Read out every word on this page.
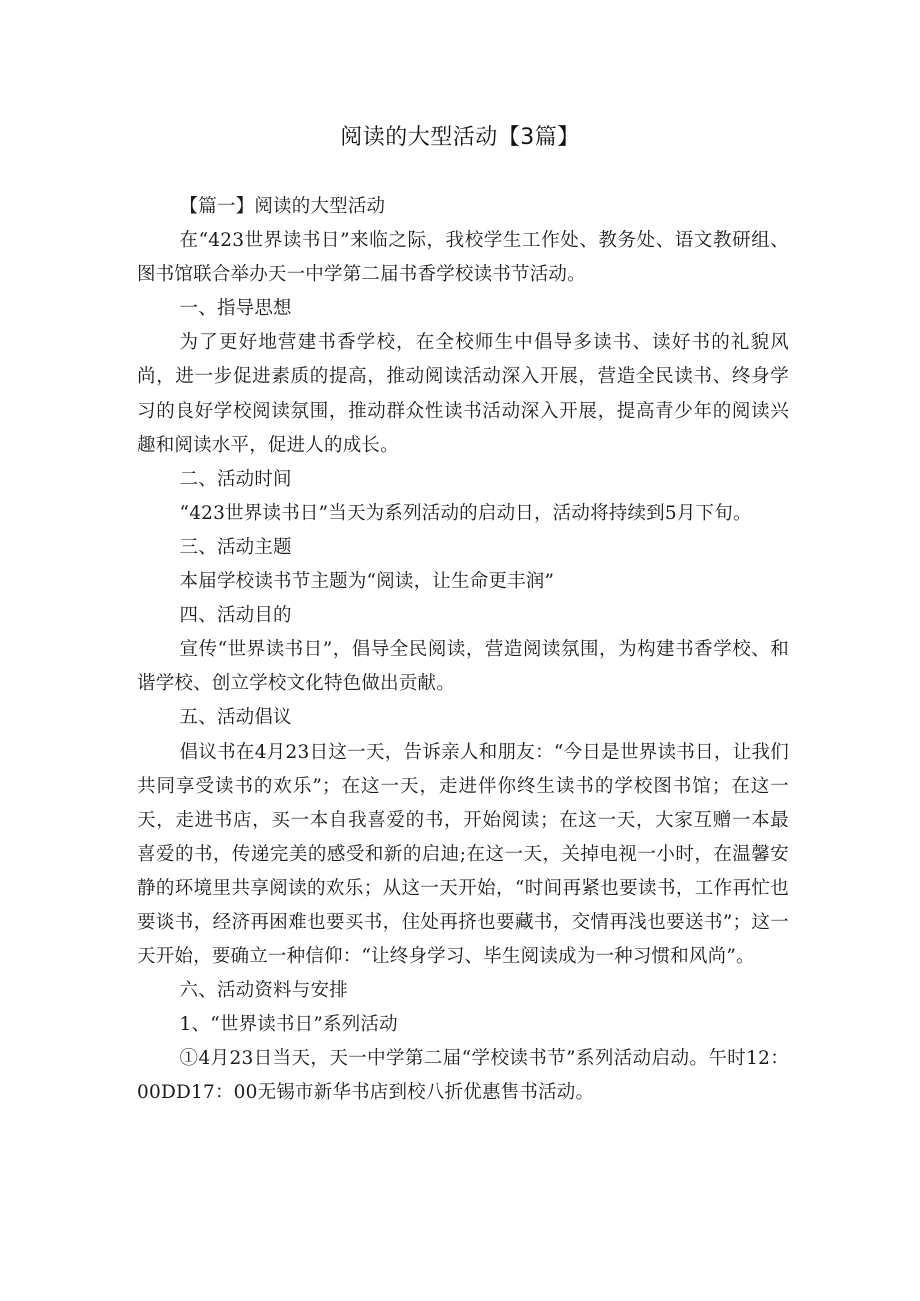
阅读的大型活动【3篇】

【篇一】阅读的大型活动

在“423世界读书日”来临之际，我校学生工作处、教务处、语文教研组、图书馆联合举办天一中学第二届书香学校读书节活动。

一、指导思想

为了更好地营建书香学校，在全校师生中倡导多读书、读好书的礼貌风尚，进一步促进素质的提高，推动阅读活动深入开展，营造全民读书、终身学习的良好学校阅读氛围，推动群众性读书活动深入开展，提高青少年的阅读兴趣和阅读水平，促进人的成长。

二、活动时间

“423世界读书日”当天为系列活动的启动日，活动将持续到5月下旬。

三、活动主题

本届学校读书节主题为“阅读，让生命更丰润”

四、活动目的

宣传“世界读书日”，倡导全民阅读，营造阅读氛围，为构建书香学校、和谐学校、创立学校文化特色做出贡献。

五、活动倡议

倡议书在4月23日这一天，告诉亲人和朋友：“今日是世界读书日，让我们共同享受读书的欢乐”；在这一天，走进伴你终生读书的学校图书馆；在这一天，走进书店，买一本自我喜爱的书，开始阅读；在这一天，大家互赠一本最喜爱的书，传递完美的感受和新的启迪;在这一天，关掉电视一小时，在温馨安静的环境里共享阅读的欢乐；从这一天开始，“时间再紧也要读书，工作再忙也要谈书，经济再困难也要买书，住处再挤也要藏书，交情再浅也要送书”；这一天开始，要确立一种信仰：“让终身学习、毕生阅读成为一种习惯和风尚”。

六、活动资料与安排

1、“世界读书日”系列活动

①4月23日当天，天一中学第二届“学校读书节”系列活动启动。午时12：00DD17：00无锡市新华书店到校八折优惠售书活动。
